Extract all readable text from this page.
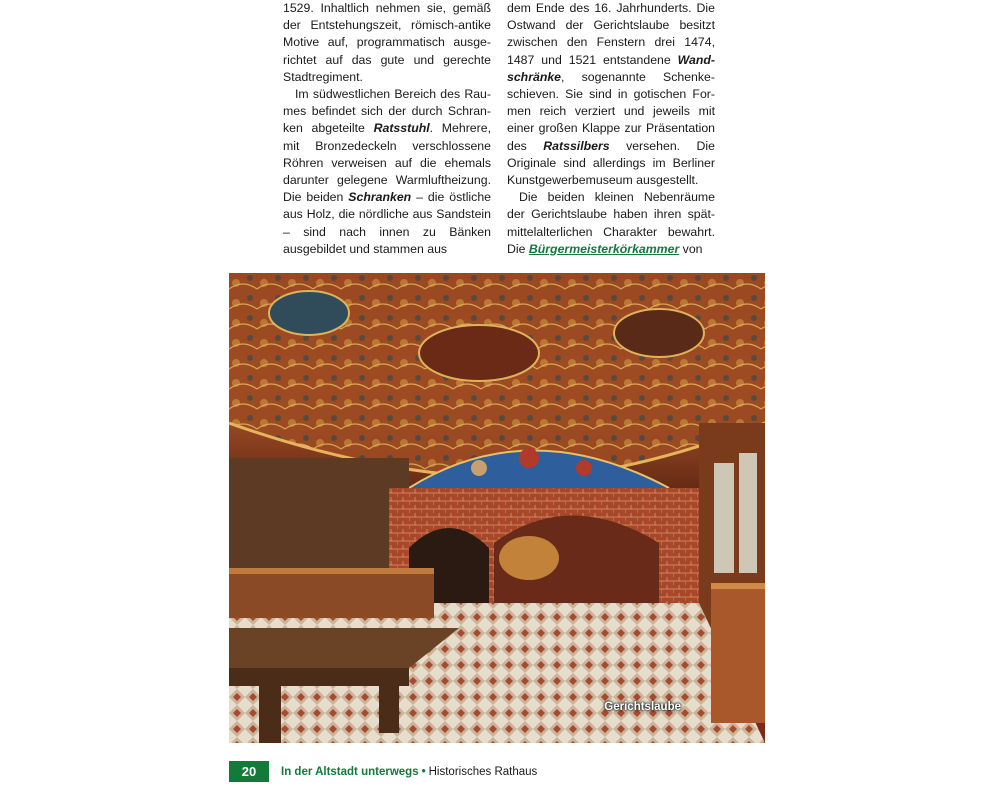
1529. Inhaltlich nehmen sie, gemäß der Entstehungszeit, römisch-antike Motive auf, programmatisch ausgerichtet auf das gute und gerechte Stadtregiment.

Im südwestlichen Bereich des Raumes befindet sich der durch Schranken abgeteilte Ratsstuhl. Mehrere, mit Bronzedeckeln verschlossene Röhren verweisen auf die ehemals darunter gelegene Warmluftheizung. Die beiden Schranken – die östliche aus Holz, die nördliche aus Sandstein – sind nach innen zu Bänken ausgebildet und stammen aus

dem Ende des 16. Jahrhunderts. Die Ostwand der Gerichtslaube besitzt zwischen den Fenstern drei 1474, 1487 und 1521 entstandene Wandschränke, sogenannte Schenkeschieven. Sie sind in gotischen Formen reich verziert und jeweils mit einer großen Klappe zur Präsentation des Ratssilbers versehen. Die Originale sind allerdings im Berliner Kunstgewerbemuseum ausgestellt.

Die beiden kleinen Nebenräume der Gerichtslaube haben ihren spätmittelalterlichen Charakter bewahrt. Die Bürgermeisterkörkammer von

Gerichtslaube
20	In der Altstadt unterwegs • Historisches Rathaus
